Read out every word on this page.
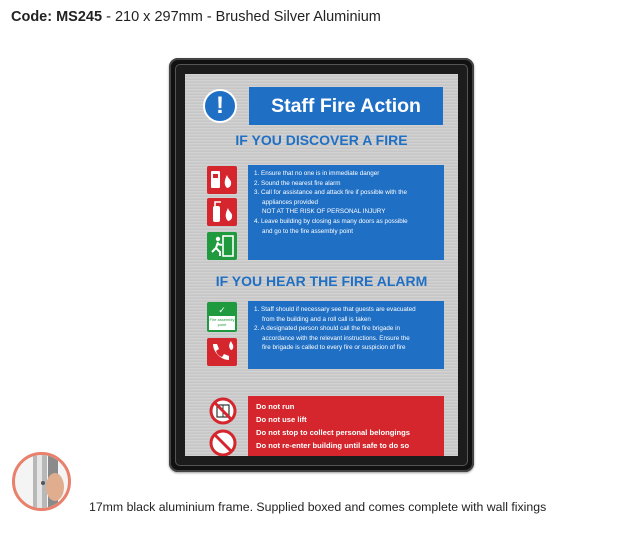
Code: MS245 - 210 x 297mm - Brushed Silver Aluminium
!	Staff Fire Action
IF YOU DISCOVER A FIRE
1. Ensure that no one is in immediate danger
2. Sound the nearest fire alarm
3. Call for assistance and attack fire if possible with the
appliances provided
NOT AT THE RISK OF PERSONAL INJURY
4. Leave building by closing as many doors as possible
and go to the fire assembly point
IF YOU HEAR THE FIRE ALARM
✓
Fire assembly point
1. Staff should if necessary see that guests are evacuated
from the building and a roll call is taken
2. A designated person should call the fire brigade in
accordance with the relevant instructions. Ensure the
fire brigade is called to every fire or suspicion of fire
Do not run
Do not use lift
Do not stop to collect personal belongings
Do not re-enter building until safe to do so
17mm black aluminium frame. Supplied boxed and comes complete with wall fixings
